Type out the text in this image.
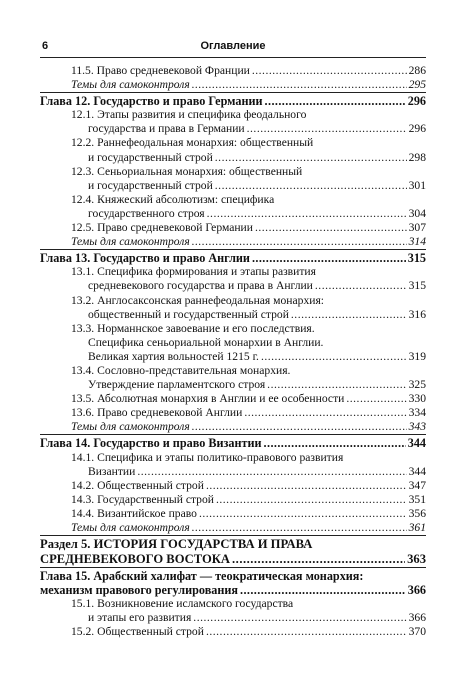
6	Оглавление
11.5. Право средневековой Франции .....	286
Темы для самоконтроля .....	295
Глава 12. Государство и право Германии .....	296
12.1. Этапы развития и специфика феодального
государства и права в Германии .....	296
12.2. Раннефеодальная монархия: общественный
и государственный строй .....	298
12.3. Сеньориальная монархия: общественный
и государственный строй .....	301
12.4. Княжеский абсолютизм: специфика
государственного строя .....	304
12.5. Право средневековой Германии .....	307
Темы для самоконтроля .....	314
Глава 13. Государство и право Англии .....	315
13.1. Специфика формирования и этапы развития
средневекового государства и права в Англии .....	315
13.2. Англосаксонская раннефеодальная монархия:
общественный и государственный строй .....	316
13.3. Норманнское завоевание и его последствия.
Специфика сеньориальной монархии в Англии.
Великая хартия вольностей 1215 г. .....	319
13.4. Сословно-представительная монархия.
Утверждение парламентского строя .....	325
13.5. Абсолютная монархия в Англии и ее особенности .....	330
13.6. Право средневековой Англии .....	334
Темы для самоконтроля .....	343
Глава 14. Государство и право Византии .....	344
14.1. Специфика и этапы политико-правового развития
Византии .....	344
14.2. Общественный строй .....	347
14.3. Государственный строй .....	351
14.4. Византийское право .....	356
Темы для самоконтроля .....	361
Раздел 5. ИСТОРИЯ ГОСУДАРСТВА И ПРАВА
СРЕДНЕВЕКОВОГО ВОСТОКА .....	363
Глава 15. Арабский халифат — теократическая монархия:
механизм правового регулирования .....	366
15.1. Возникновение исламского государства
и этапы его развития .....	366
15.2. Общественный строй .....	370
